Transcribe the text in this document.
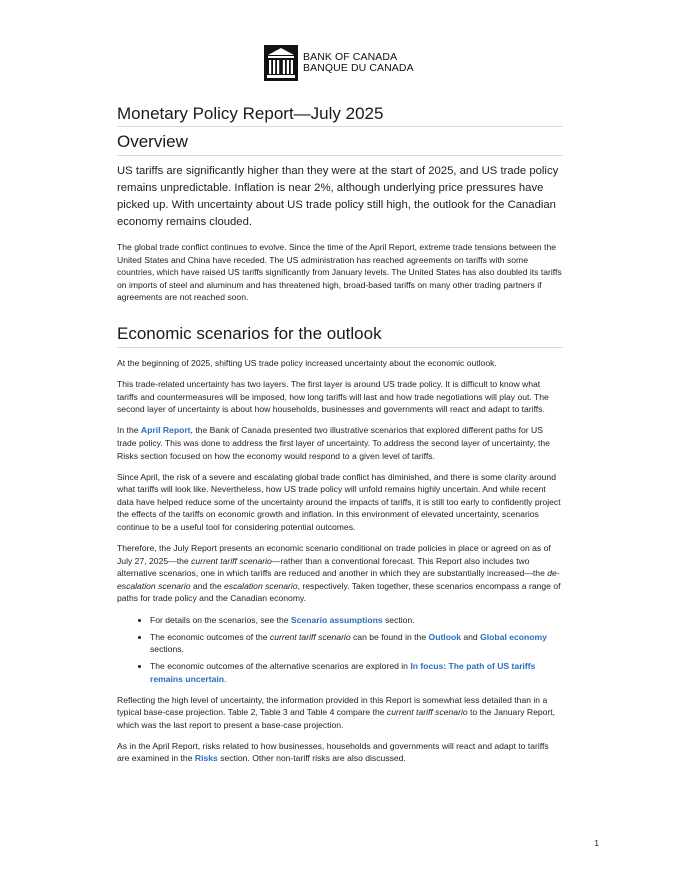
BANK OF CANADA
BANQUE DU CANADA
Monetary Policy Report—July 2025
Overview

US tariffs are significantly higher than they were at the start of 2025, and US trade policy remains unpredictable. Inflation is near 2%, although underlying price pressures have picked up. With uncertainty about US trade policy still high, the outlook for the Canadian economy remains clouded.

The global trade conflict continues to evolve. Since the time of the April Report, extreme trade tensions between the United States and China have receded. The US administration has reached agreements on tariffs with some countries, which have raised US tariffs significantly from January levels. The United States has also doubled its tariffs on imports of steel and aluminum and has threatened high, broad-based tariffs on many other trading partners if agreements are not reached soon.

Economic scenarios for the outlook

At the beginning of 2025, shifting US trade policy increased uncertainty about the economic outlook.

This trade-related uncertainty has two layers. The first layer is around US trade policy. It is difficult to know what tariffs and countermeasures will be imposed, how long tariffs will last and how trade negotiations will play out. The second layer of uncertainty is about how households, businesses and governments will react and adapt to tariffs.

In the April Report, the Bank of Canada presented two illustrative scenarios that explored different paths for US trade policy. This was done to address the first layer of uncertainty. To address the second layer of uncertainty, the Risks section focused on how the economy would respond to a given level of tariffs.

Since April, the risk of a severe and escalating global trade conflict has diminished, and there is some clarity around what tariffs will look like. Nevertheless, how US trade policy will unfold remains highly uncertain. And while recent data have helped reduce some of the uncertainty around the impacts of tariffs, it is still too early to confidently project the effects of the tariffs on economic growth and inflation. In this environment of elevated uncertainty, scenarios continue to be a useful tool for considering potential outcomes.

Therefore, the July Report presents an economic scenario conditional on trade policies in place or agreed on as of July 27, 2025—the current tariff scenario—rather than a conventional forecast. This Report also includes two alternative scenarios, one in which tariffs are reduced and another in which they are substantially increased—the de-escalation scenario and the escalation scenario, respectively. Taken together, these scenarios encompass a range of paths for trade policy and the Canadian economy.

• For details on the scenarios, see the Scenario assumptions section.
• The economic outcomes of the current tariff scenario can be found in the Outlook and Global economy sections.
• The economic outcomes of the alternative scenarios are explored in In focus: The path of US tariffs remains uncertain.

Reflecting the high level of uncertainty, the information provided in this Report is somewhat less detailed than in a typical base-case projection. Table 2, Table 3 and Table 4 compare the current tariff scenario to the January Report, which was the last report to present a base-case projection.

As in the April Report, risks related to how businesses, households and governments will react and adapt to tariffs are examined in the Risks section. Other non-tariff risks are also discussed.

1
